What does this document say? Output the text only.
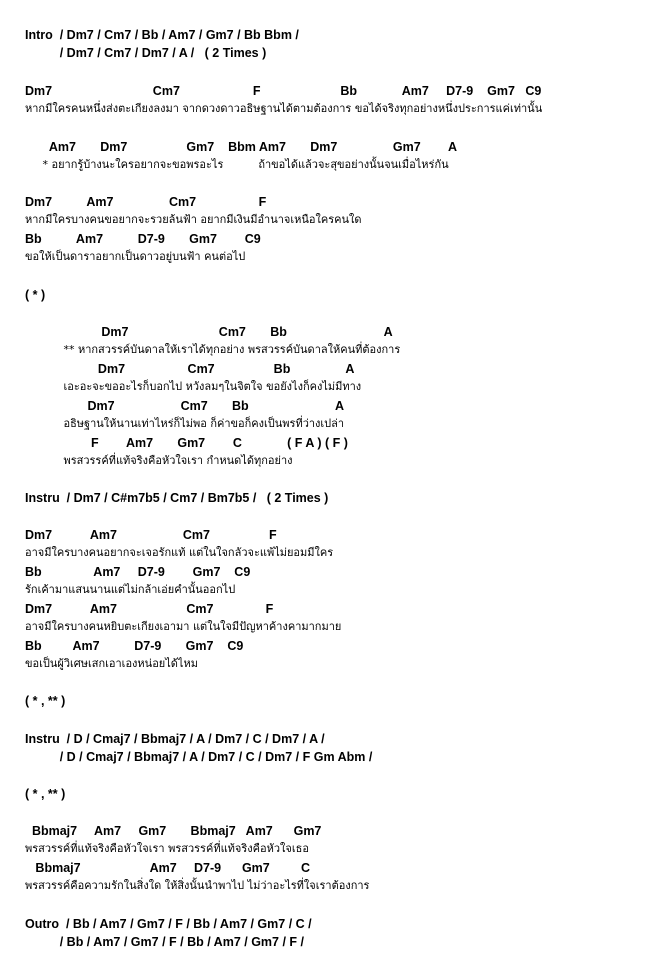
Intro  / Dm7 / Cm7 / Bb / Am7 / Gm7 / Bb Bbm /
/ Dm7 / Cm7 / Dm7 / A /   ( 2 Times )
Dm7                             Cm7                     F                       Bb             Am7     D7-9    Gm7   C9
หากมีใครคนหนึ่งส่งตะเกียงลงมา จากดวงดาวอธิษฐานได้ตามต้องการ ขอได้จริงทุกอย่างหนึ่งประการแค่เท่านั้น
Am7       Dm7                 Gm7    Bbm Am7       Dm7                Gm7        A
* อยากรู้บ้างนะใครอยากจะขอพรอะไร          ถ้าขอได้แล้วจะสุขอย่างนั้นจนเมื่อไหร่กัน
Dm7          Am7                Cm7                  F
หากมีใครบางคนขอยากจะรวยล้นฟ้า อยากมีเงินมีอำนาจเหนือใครคนใด
Bb          Am7          D7-9       Gm7        C9
ขอให้เป็นดาราอยากเป็นดาวอยู่บนฟ้า คนต่อไป
( * )
Dm7                          Cm7       Bb                            A
** หากสวรรค์บันดาลให้เราได้ทุกอย่าง พรสวรรค์บันดาลให้คนที่ต้องการ
Dm7                  Cm7                 Bb                A
เอะอะจะขออะไรก็บอกไป หวังลมๆในจิตใจ ขอยังไงก็คงไม่มีทาง
Dm7                   Cm7       Bb                         A
อธิษฐานให้นานเท่าไหร่ก็ไม่พอ ก็ค่าขอก็คงเป็นพรที่ว่างเปล่า
F        Am7       Gm7        C             ( F A ) ( F )
พรสวรรค์ที่แท้จริงคือหัวใจเรา กำหนดได้ทุกอย่าง
Instru  / Dm7 / C#m7b5 / Cm7 / Bm7b5 /   ( 2 Times )
Dm7           Am7                   Cm7                 F
อาจมีใครบางคนอยากจะเจอรักแท้ แต่ในใจกลัวจะแพ้ไม่ยอมมีใคร
Bb               Am7     D7-9        Gm7    C9
รักเค้ามาแสนนานแต่ไม่กล้าเอ่ยคำนั้นออกไป
Dm7           Am7                    Cm7               F
อาจมีใครบางคนหยิบตะเกียงเอามา แต่ในใจมีปัญหาค้างคามากมาย
Bb         Am7          D7-9       Gm7    C9
ขอเป็นผู้วิเศษเสกเอาเองหน่อยได้ไหม
( * , ** )
Instru  / D / Cmaj7 / Bbmaj7 / A / Dm7 / C / Dm7 / A /
/ D / Cmaj7 / Bbmaj7 / A / Dm7 / C / Dm7 / F Gm Abm /
( * , ** )
Bbmaj7     Am7     Gm7       Bbmaj7   Am7      Gm7
พรสวรรค์ที่แท้จริงคือหัวใจเรา พรสวรรค์ที่แท้จริงคือหัวใจเธอ
Bbmaj7                    Am7     D7-9      Gm7         C
พรสวรรค์คือความรักในสิ่งใด ให้สิ่งนั้นนำพาไป ไม่ว่าอะไรที่ใจเราต้องการ
Outro  / Bb / Am7 / Gm7 / F / Bb / Am7 / Gm7 / C /
/ Bb / Am7 / Gm7 / F / Bb / Am7 / Gm7 / F /
